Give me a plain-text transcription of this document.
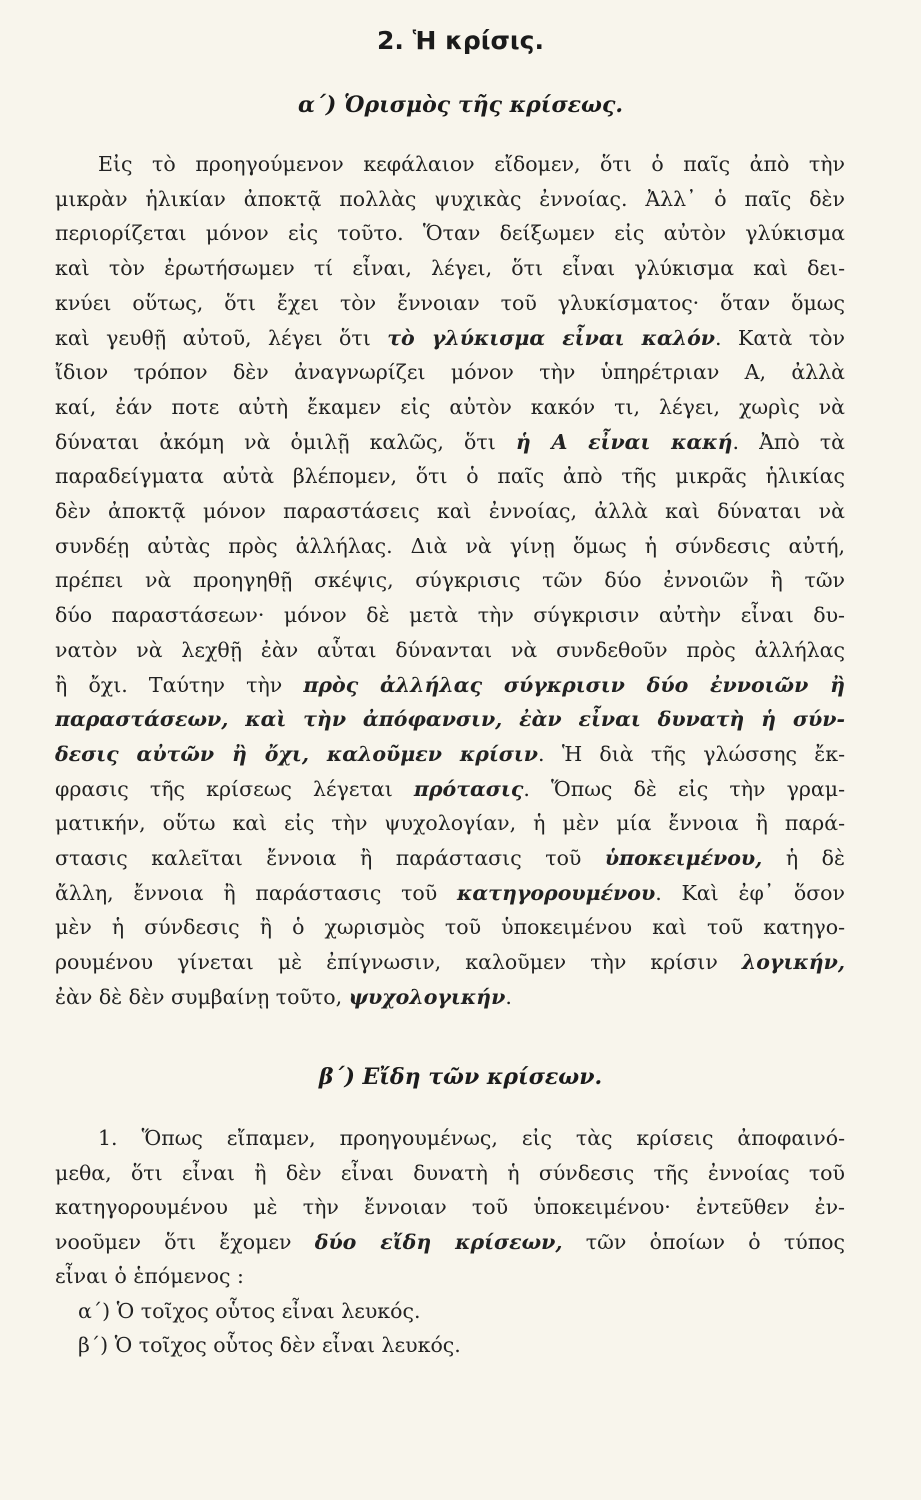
2. Ἡ κρίσις.
α΄) Ὁρισμὸς τῆς κρίσεως.
Εἰς τὸ προηγούμενον κεφάλαιον εἴδομεν, ὅτι ὁ παῖς ἀπὸ τὴν
μικρὰν ἡλικίαν ἀποκτᾷ πολλὰς ψυχικὰς ἐννοίας. Ἀλλ᾿ ὁ παῖς δὲν
περιορίζεται μόνον εἰς τοῦτο. Ὅταν δείξωμεν εἰς αὐτὸν γλύκισμα
καὶ τὸν ἐρωτήσωμεν τί εἶναι, λέγει, ὅτι εἶναι γλύκισμα καὶ δει-
κνύει οὕτως, ὅτι ἔχει τὸν ἔννοιαν τοῦ γλυκίσματος· ὅταν ὅμως
καὶ γευθῇ αὐτοῦ, λέγει ὅτι τὸ γλύκισμα εἶναι καλόν. Κατὰ τὸν
ἴδιον τρόπον δὲν ἀναγνωρίζει μόνον τὴν ὑπηρέτριαν Α, ἀλλὰ
καί, ἐάν ποτε αὐτὴ ἔκαμεν εἰς αὐτὸν κακόν τι, λέγει, χωρὶς νὰ
δύναται ἀκόμη νὰ ὁμιλῇ καλῶς, ὅτι ἡ Α εἶναι κακή. Ἀπὸ τὰ
παραδείγματα αὐτὰ βλέπομεν, ὅτι ὁ παῖς ἀπὸ τῆς μικρᾶς ἡλικίας
δὲν ἀποκτᾷ μόνον παραστάσεις καὶ ἐννοίας, ἀλλὰ καὶ δύναται νὰ
συνδέῃ αὐτὰς πρὸς ἀλλήλας. Διὰ νὰ γίνῃ ὅμως ἡ σύνδεσις αὐτή,
πρέπει νὰ προηγηθῇ σκέψις, σύγκρισις τῶν δύο ἐννοιῶν ἢ τῶν
δύο παραστάσεων· μόνον δὲ μετὰ τὴν σύγκρισιν αὐτὴν εἶναι δυ-
νατὸν νὰ λεχθῇ ἐὰν αὗται δύνανται νὰ συνδεθοῦν πρὸς ἀλλήλας
ἢ ὄχι. Ταύτην τὴν πρὸς ἀλλήλας σύγκρισιν δύο ἐννοιῶν ἢ
παραστάσεων, καὶ τὴν ἀπόφανσιν, ἐὰν εἶναι δυνατὴ ἡ σύν-
δεσις αὐτῶν ἢ ὄχι, καλοῦμεν κρίσιν. Ἡ διὰ τῆς γλώσσης ἔκ-
φρασις τῆς κρίσεως λέγεται πρότασις. Ὅπως δὲ εἰς τὴν γραμ-
ματικήν, οὕτω καὶ εἰς τὴν ψυχολογίαν, ἡ μὲν μία ἔννοια ἢ παρά-
στασις καλεῖται ἔννοια ἢ παράστασις τοῦ ὑποκειμένου, ἡ δὲ
ἄλλη, ἔννοια ἢ παράστασις τοῦ κατηγορουμένου. Καὶ ἐφ᾿ ὅσον
μὲν ἡ σύνδεσις ἢ ὁ χωρισμὸς τοῦ ὑποκειμένου καὶ τοῦ κατηγο-
ρουμένου γίνεται μὲ ἐπίγνωσιν, καλοῦμεν τὴν κρίσιν λογικήν,
ἐὰν δὲ δὲν συμβαίνῃ τοῦτο, ψυχολογικήν.
β΄) Εἴδη τῶν κρίσεων.
1. Ὅπως εἴπαμεν, προηγουμένως, εἰς τὰς κρίσεις ἀποφαινό-
μεθα, ὅτι εἶναι ἢ δὲν εἶναι δυνατὴ ἡ σύνδεσις τῆς ἐννοίας τοῦ
κατηγορουμένου μὲ τὴν ἔννοιαν τοῦ ὑποκειμένου· ἐντεῦθεν ἐν-
νοοῦμεν ὅτι ἔχομεν δύο εἴδη κρίσεων, τῶν ὁποίων ὁ τύπος
εἶναι ὁ ἑπόμενος :
α΄) Ὁ τοῖχος οὗτος εἶναι λευκός.
β΄) Ὁ τοῖχος οὗτος δὲν εἶναι λευκός.
